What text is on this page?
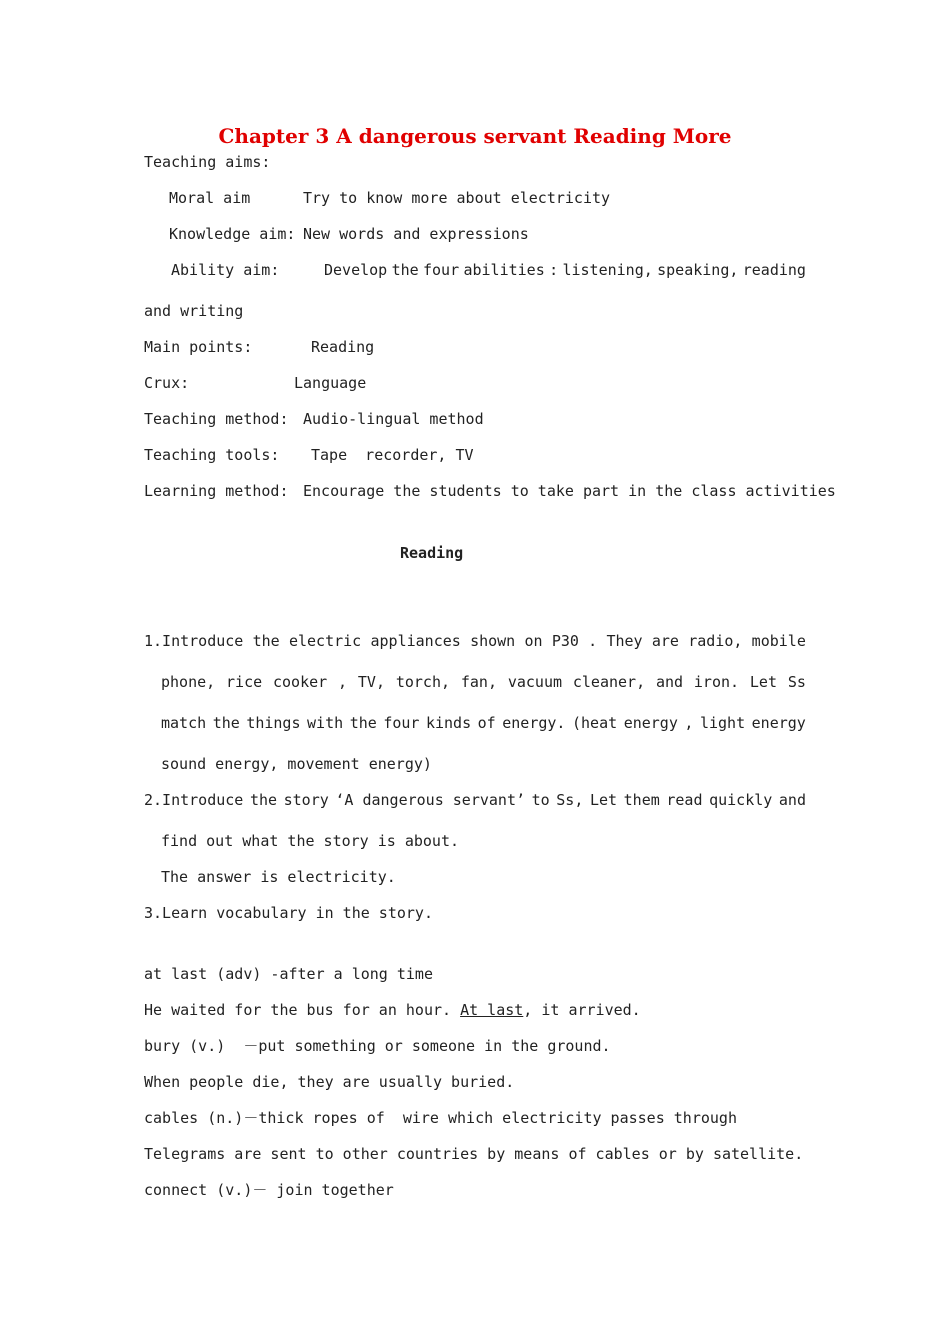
Chapter 3 A dangerous servant Reading More
Teaching aims:
Moral aim	Try to know more about electricity
Knowledge aim: New words and expressions
Ability aim:	Develop the four abilities : listening, speaking, reading
and writing
Main points:	Reading
Crux:	Language
Teaching method: Audio-lingual method
Teaching tools: Tape  recorder, TV
Learning method: Encourage the students to take part in the class activities
Reading
1.Introduce the electric appliances shown on P30 . They are radio, mobile
phone, rice cooker , TV, torch, fan, vacuum cleaner, and iron. Let Ss
match the things with the four kinds of energy. (heat energy , light energy
sound energy, movement energy)
2.Introduce the story ‘A dangerous servant’ to Ss, Let them read quickly and
find out what the story is about.
The answer is electricity.
3.Learn vocabulary in the story.
at last (adv) -after a long time
He waited for the bus for an hour. At last, it arrived.
bury (v.)  －put something or someone in the ground.
When people die, they are usually buried.
cables (n.)－thick ropes of  wire which electricity passes through
Telegrams are sent to other countries by means of cables or by satellite.
connect (v.)－ join together
